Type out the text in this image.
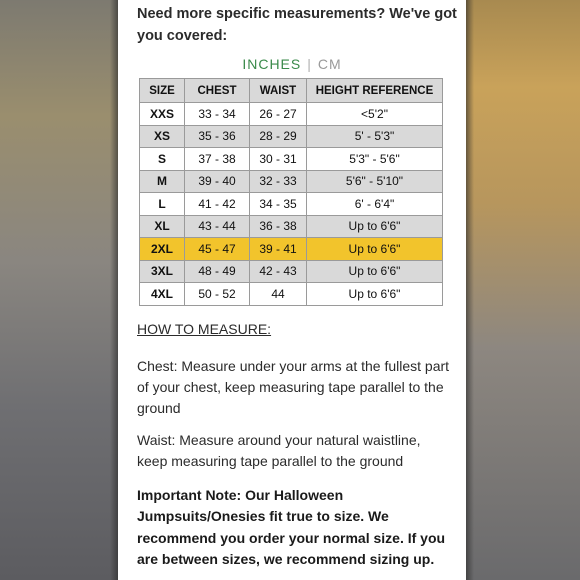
Need more specific measurements? We've got you covered:
INCHES | CM
SIZE	CHEST	WAIST	HEIGHT REFERENCE
XXS	33 - 34	26 - 27	<5'2"
XS	35 - 36	28 - 29	5' - 5'3"
S	37 - 38	30 - 31	5'3" - 5'6"
M	39 - 40	32 - 33	5'6" - 5'10"
L	41 - 42	34 - 35	6' - 6'4"
XL	43 - 44	36 - 38	Up to 6'6"
2XL	45 - 47	39 - 41	Up to 6'6"
3XL	48 - 49	42 - 43	Up to 6'6"
4XL	50 - 52	44	Up to 6'6"
HOW TO MEASURE:
Chest: Measure under your arms at the fullest part of your chest, keep measuring tape parallel to the ground
Waist: Measure around your natural waistline, keep measuring tape parallel to the ground
Important Note: Our Halloween Jumpsuits/Onesies fit true to size. We recommend you order your normal size. If you are between sizes, we recommend sizing up.
